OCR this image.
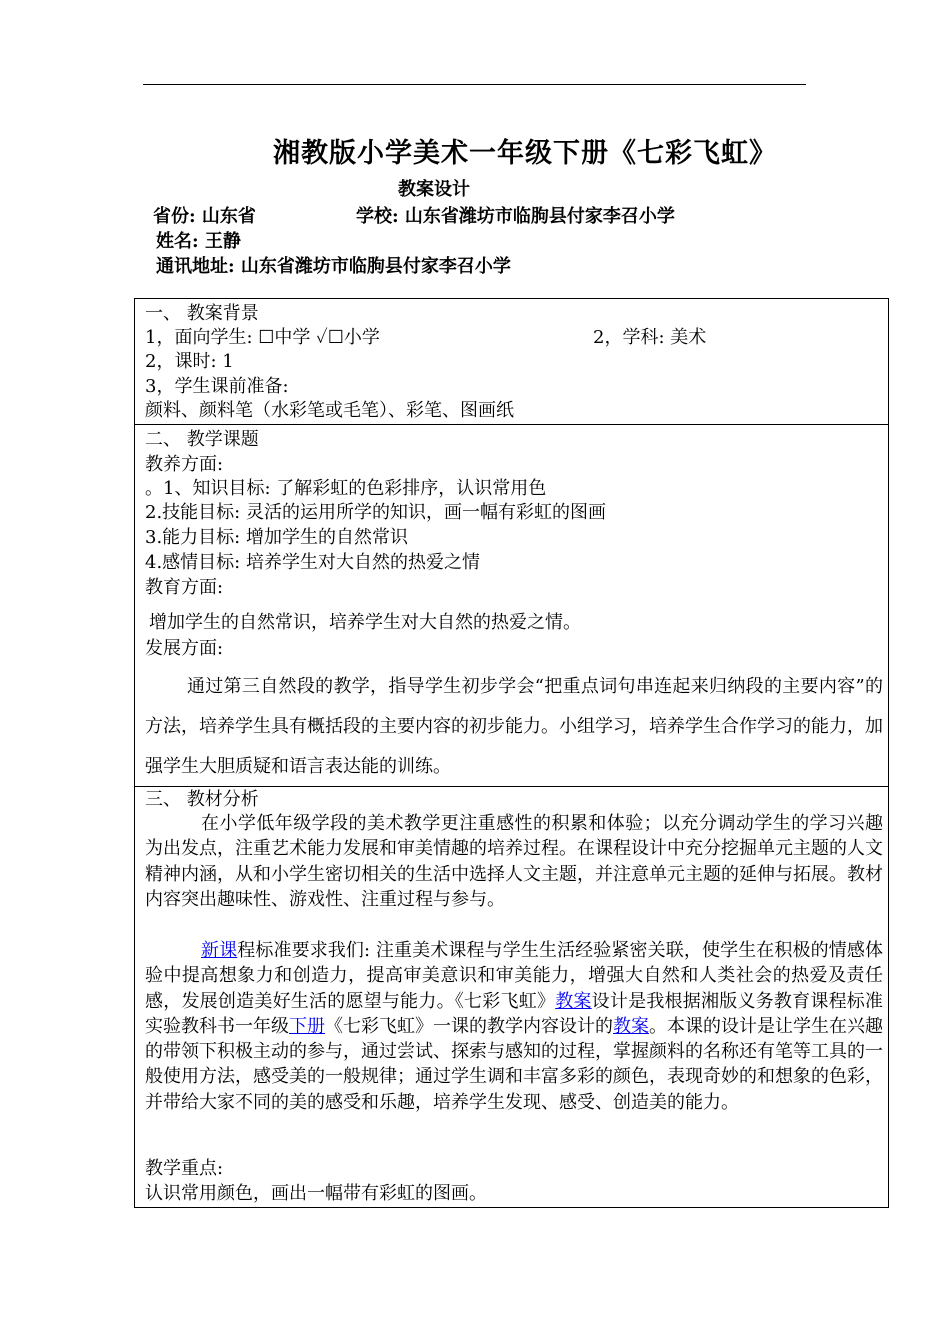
湘教版小学美术一年级下册《七彩飞虹》
教案设计
省份: 山东省	学校: 山东省潍坊市临朐县付家李召小学
姓名: 王静
通讯地址: 山东省潍坊市临朐县付家李召小学
一、 教案背景
1，面向学生: ☐中学 ✓☐小学	2，学科: 美术
2，课时: 1
3，学生课前准备:
颜料、颜料笔（水彩笔或毛笔）、彩笔、图画纸
二、 教学课题
教养方面:
。1、知识目标: 了解彩虹的色彩排序，认识常用色
2.技能目标: 灵活的运用所学的知识，画一幅有彩虹的图画
3.能力目标: 增加学生的自然常识
4.感情目标: 培养学生对大自然的热爱之情
教育方面:
增加学生的自然常识，培养学生对大自然的热爱之情。
发展方面:
通过第三自然段的教学，指导学生初步学会“把重点词句串连起来归纳段的主要内容”的方法，培养学生具有概括段的主要内容的初步能力。小组学习，培养学生合作学习的能力，加强学生大胆质疑和语言表达能的训练。
三、 教材分析
在小学低年级学段的美术教学更注重感性的积累和体验；以充分调动学生的学习兴趣为出发点，注重艺术能力发展和审美情趣的培养过程。在课程设计中充分挖掘单元主题的人文精神内涵，从和小学生密切相关的生活中选择人文主题，并注意单元主题的延伸与拓展。教材内容突出趣味性、游戏性、注重过程与参与。
新课程标准要求我们: 注重美术课程与学生生活经验紧密关联，使学生在积极的情感体验中提高想象力和创造力，提高审美意识和审美能力，增强大自然和人类社会的热爱及责任感，发展创造美好生活的愿望与能力。《七彩飞虹》教案设计是我根据湘版义务教育课程标准实验教科书一年级下册《七彩飞虹》一课的教学内容设计的教案。本课的设计是让学生在兴趣的带领下积极主动的参与，通过尝试、探索与感知的过程，掌握颜料的名称还有笔等工具的一般使用方法，感受美的一般规律；通过学生调和丰富多彩的颜色，表现奇妙的和想象的色彩，并带给大家不同的美的感受和乐趣，培养学生发现、感受、创造美的能力。
教学重点:
认识常用颜色，画出一幅带有彩虹的图画。
